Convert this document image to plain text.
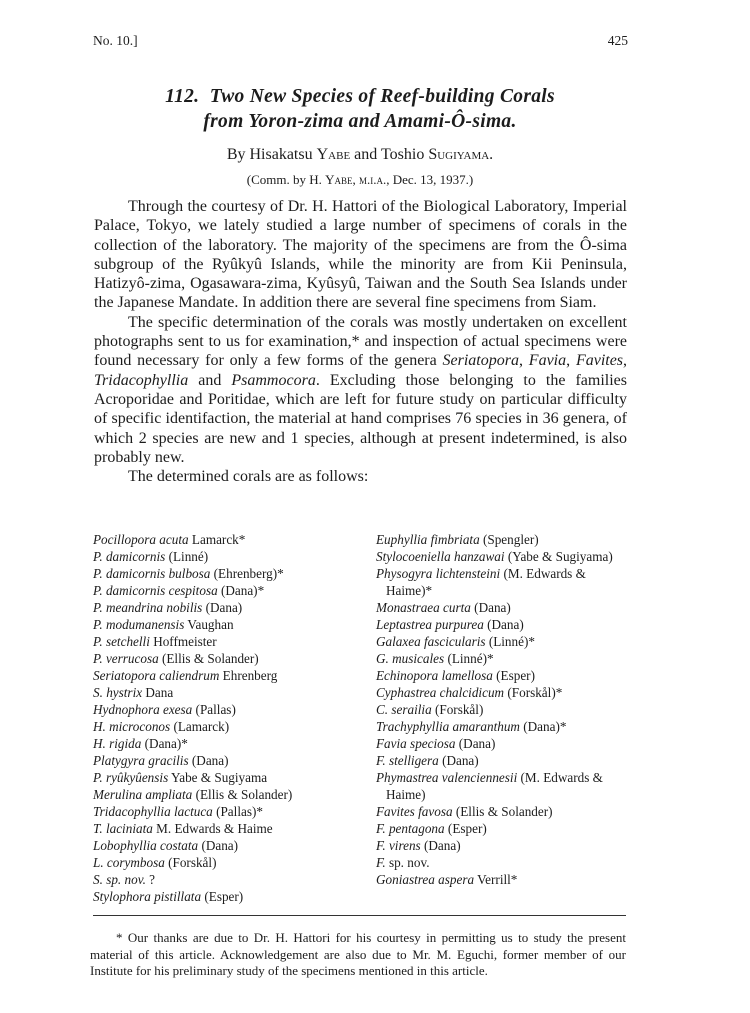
No. 10.]	425
112. Two New Species of Reef-building Corals
from Yoron-zima and Amami-Ô-sima.
By Hisakatsu Yabe and Toshio Sugiyama.
(Comm. by H. Yabe, m.i.a., Dec. 13, 1937.)

Through the courtesy of Dr. H. Hattori of the Biological Laboratory, Imperial Palace, Tokyo, we lately studied a large number of specimens of corals in the collection of the laboratory. The majority of the specimens are from the Ô-sima subgroup of the Ryûkyû Islands, while the minority are from Kii Peninsula, Hatizyô-zima, Ogasawara-zima, Kyûsyû, Taiwan and the South Sea Islands under the Japanese Mandate. In addition there are several fine specimens from Siam.

The specific determination of the corals was mostly undertaken on excellent photographs sent to us for examination,* and inspection of actual specimens were found necessary for only a few forms of the genera Seriatopora, Favia, Favites, Tridacophyllia and Psammocora. Excluding those belonging to the families Acroporidae and Poritidae, which are left for future study on particular difficulty of specific identifaction, the material at hand comprises 76 species in 36 genera, of which 2 species are new and 1 species, although at present indetermined, is also probably new.

The determined corals are as follows:

Pocillopora acuta Lamarck*
P. damicornis (Linné)
P. damicornis bulbosa (Ehrenberg)*
P. damicornis cespitosa (Dana)*
P. meandrina nobilis (Dana)
P. modumanensis Vaughan
P. setchelli Hoffmeister
P. verrucosa (Ellis & Solander)
Seriatopora caliendrum Ehrenberg
S. hystrix Dana
Hydnophora exesa (Pallas)
H. microconos (Lamarck)
H. rigida (Dana)*
Platygyra gracilis (Dana)
P. ryûkyûensis Yabe & Sugiyama
Merulina ampliata (Ellis & Solander)
Tridacophyllia lactuca (Pallas)*
T. laciniata M. Edwards & Haime
Lobophyllia costata (Dana)
L. corymbosa (Forskål)
S. sp. nov. ?
Stylophora pistillata (Esper)
Euphyllia fimbriata (Spengler)
Stylocoeniella hanzawai (Yabe & Sugiyama)
Physogyra lichtensteini (M. Edwards & Haime)*
Monastraea curta (Dana)
Leptastrea purpurea (Dana)
Galaxea fascicularis (Linné)*
G. musicales (Linné)*
Echinopora lamellosa (Esper)
Cyphastrea chalcidicum (Forskål)*
C. serailia (Forskål)
Trachyphyllia amaranthum (Dana)*
Favia speciosa (Dana)
F. stelligera (Dana)
Phymastrea valenciennesii (M. Edwards & Haime)
Favites favosa (Ellis & Solander)
F. pentagona (Esper)
F. virens (Dana)
F. sp. nov.
Goniastrea aspera Verrill*
* Our thanks are due to Dr. H. Hattori for his courtesy in permitting us to study the present material of this article. Acknowledgement are also due to Mr. M. Eguchi, former member of our Institute for his preliminary study of the specimens mentioned in this article.
